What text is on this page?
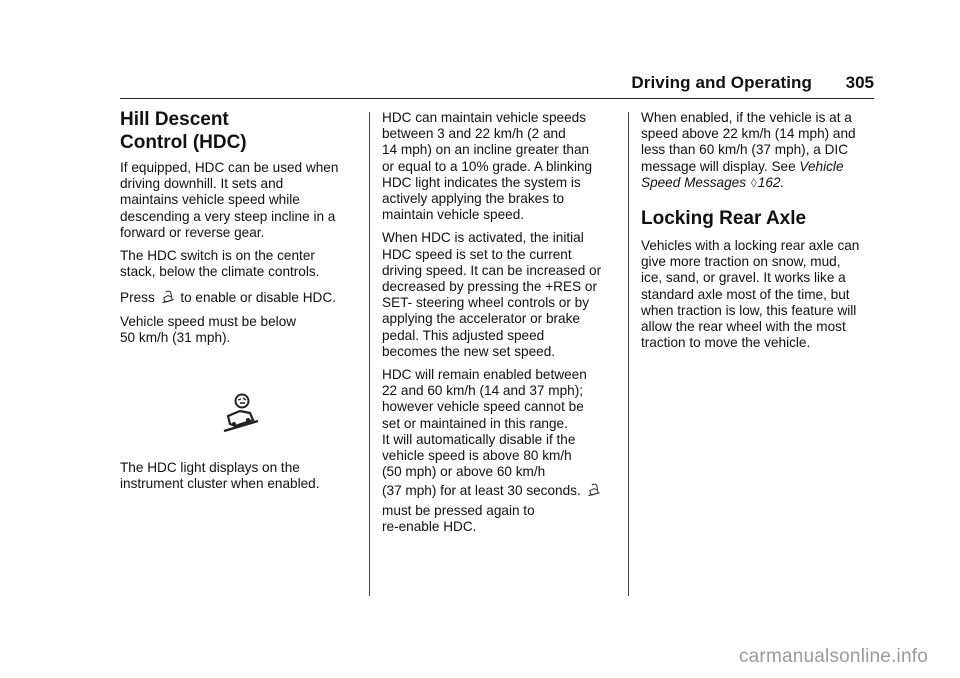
Driving and Operating 305
Hill Descent
Control (HDC)

If equipped, HDC can be used when
driving downhill. It sets and
maintains vehicle speed while
descending a very steep incline in a
forward or reverse gear.

The HDC switch is on the center
stack, below the climate controls.

Press to enable or disable HDC.

Vehicle speed must be below
50 km/h (31 mph).

The HDC light displays on the
instrument cluster when enabled.

HDC can maintain vehicle speeds
between 3 and 22 km/h (2 and
14 mph) on an incline greater than
or equal to a 10% grade. A blinking
HDC light indicates the system is
actively applying the brakes to
maintain vehicle speed.

When HDC is activated, the initial
HDC speed is set to the current
driving speed. It can be increased or
decreased by pressing the +RES or
SET- steering wheel controls or by
applying the accelerator or brake
pedal. This adjusted speed
becomes the new set speed.

HDC will remain enabled between
22 and 60 km/h (14 and 37 mph);
however vehicle speed cannot be
set or maintained in this range.
It will automatically disable if the
vehicle speed is above 80 km/h
(50 mph) or above 60 km/h
(37 mph) for at least 30 seconds.
must be pressed again to
re-enable HDC.

When enabled, if the vehicle is at a
speed above 22 km/h (14 mph) and
less than 60 km/h (37 mph), a DIC
message will display. See Vehicle
Speed Messages ◊162.

Locking Rear Axle

Vehicles with a locking rear axle can
give more traction on snow, mud,
ice, sand, or gravel. It works like a
standard axle most of the time, but
when traction is low, this feature will
allow the rear wheel with the most
traction to move the vehicle.

carmanualsonline.info
